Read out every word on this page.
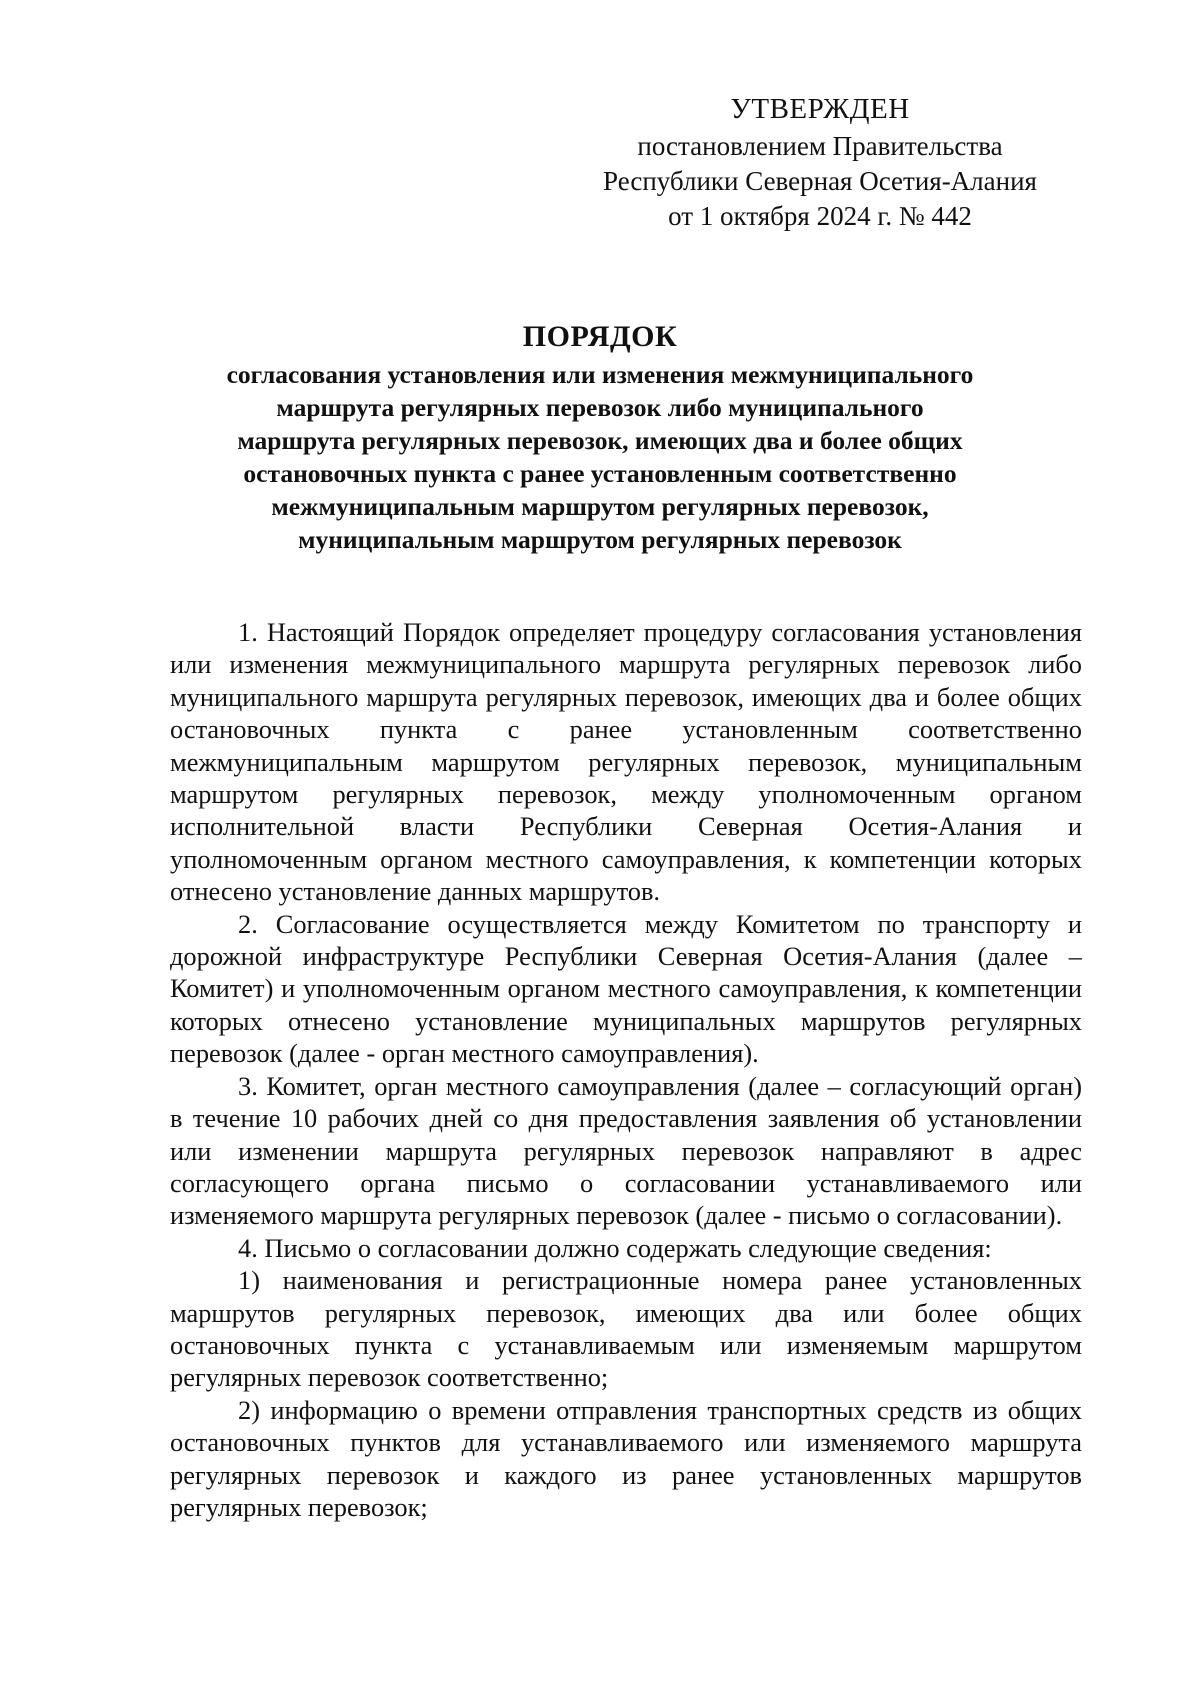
УТВЕРЖДЕН
постановлением Правительства
Республики Северная Осетия-Алания
от 1 октября 2024 г. № 442
ПОРЯДОК
согласования установления или изменения межмуниципального
маршрута регулярных перевозок либо муниципального
маршрута регулярных перевозок, имеющих два и более общих
остановочных пункта с ранее установленным соответственно
межмуниципальным маршрутом регулярных перевозок,
муниципальным маршрутом регулярных перевозок

1. Настоящий Порядок определяет процедуру согласования установления или изменения межмуниципального маршрута регулярных перевозок либо муниципального маршрута регулярных перевозок, имеющих два и более общих остановочных пункта с ранее установленным соответственно межмуниципальным маршрутом регулярных перевозок, муниципальным маршрутом регулярных перевозок, между уполномоченным органом исполнительной власти Республики Северная Осетия-Алания и уполномоченным органом местного самоуправления, к компетенции которых отнесено установление данных маршрутов.

2. Согласование осуществляется между Комитетом по транспорту и дорожной инфраструктуре Республики Северная Осетия-Алания (далее – Комитет) и уполномоченным органом местного самоуправления, к компетенции которых отнесено установление муниципальных маршрутов регулярных перевозок (далее - орган местного самоуправления).

3. Комитет, орган местного самоуправления (далее – согласующий орган) в течение 10 рабочих дней со дня предоставления заявления об установлении или изменении маршрута регулярных перевозок направляют в адрес согласующего органа письмо о согласовании устанавливаемого или изменяемого маршрута регулярных перевозок (далее - письмо о согласовании).

4. Письмо о согласовании должно содержать следующие сведения:

1) наименования и регистрационные номера ранее установленных маршрутов регулярных перевозок, имеющих два или более общих остановочных пункта с устанавливаемым или изменяемым маршрутом регулярных перевозок соответственно;

2) информацию о времени отправления транспортных средств из общих остановочных пунктов для устанавливаемого или изменяемого маршрута регулярных перевозок и каждого из ранее установленных маршрутов регулярных перевозок;
